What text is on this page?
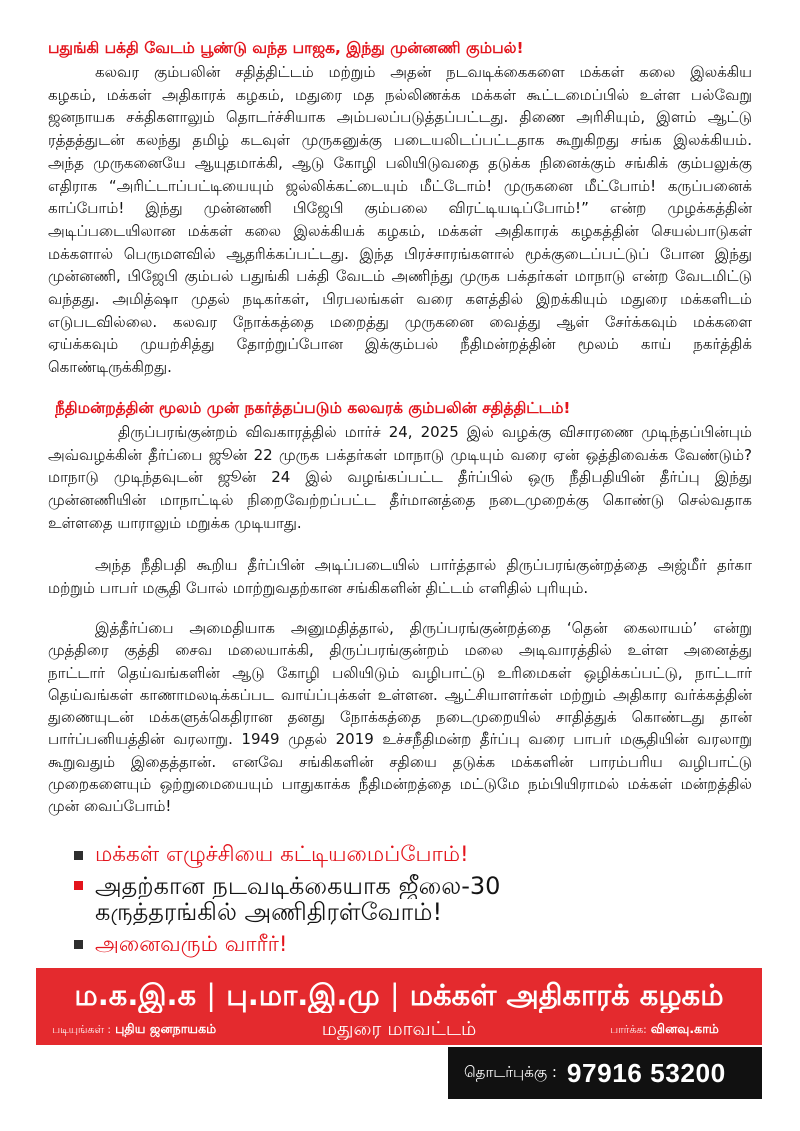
பதுங்கி பக்தி வேடம் பூண்டு வந்த பாஜக, இந்து முன்னணி கும்பல்!
கலவர கும்பலின் சதித்திட்டம் மற்றும் அதன் நடவடிக்கைகளை மக்கள் கலை இலக்கிய
கழகம், மக்கள் அதிகாரக் கழகம், மதுரை மத நல்லிணக்க மக்கள் கூட்டமைப்பில் உள்ள பல்வேறு
ஜனநாயக சக்திகளாலும் தொடர்ச்சியாக அம்பலப்படுத்தப்பட்டது. திணை அரிசியும், இளம் ஆட்டு
ரத்தத்துடன் கலந்து தமிழ் கடவுள் முருகனுக்கு படையலிடப்பட்டதாக கூறுகிறது சங்க இலக்கியம்.
அந்த முருகனையே ஆயுதமாக்கி, ஆடு கோழி பலியிடுவதை தடுக்க நினைக்கும் சங்கிக் கும்பலுக்கு
எதிராக “அரிட்டாப்பட்டியையும் ஜல்லிக்கட்டையும் மீட்டோம்! முருகனை மீட்போம்! கருப்பனைக்
காப்போம்! இந்து முன்னணி பிஜேபி கும்பலை விரட்டியடிப்போம்!” என்ற முழக்கத்தின்
அடிப்படையிலான மக்கள் கலை இலக்கியக் கழகம், மக்கள் அதிகாரக் கழகத்தின் செயல்பாடுகள்
மக்களால் பெருமளவில் ஆதரிக்கப்பட்டது. இந்த பிரச்சாரங்களால் மூக்குடைப்பட்டுப் போன இந்து
முன்னணி, பிஜேபி கும்பல் பதுங்கி பக்தி வேடம் அணிந்து முருக பக்தர்கள் மாநாடு என்ற வேடமிட்டு
வந்தது. அமித்ஷா முதல் நடிகர்கள், பிரபலங்கள் வரை களத்தில் இறக்கியும் மதுரை மக்களிடம்
எடுபடவில்லை. கலவர நோக்கத்தை மறைத்து முருகனை வைத்து ஆள் சேர்க்கவும் மக்களை
ஏய்க்கவும் முயற்சித்து தோற்றுப்போன இக்கும்பல் நீதிமன்றத்தின் மூலம் காய் நகர்த்திக்
கொண்டிருக்கிறது.
நீதிமன்றத்தின் மூலம் முன் நகர்த்தப்படும் கலவரக் கும்பலின் சதித்திட்டம்!
திருப்பரங்குன்றம் விவகாரத்தில் மார்ச் 24, 2025 இல் வழக்கு விசாரணை முடிந்தப்பின்பும்
அவ்வழக்கின் தீர்ப்பை ஜூன் 22 முருக பக்தர்கள் மாநாடு முடியும் வரை ஏன் ஒத்திவைக்க வேண்டும்?
மாநாடு முடிந்தவுடன் ஜூன் 24 இல் வழங்கப்பட்ட தீர்ப்பில் ஒரு நீதிபதியின் தீர்ப்பு இந்து
முன்னணியின் மாநாட்டில் நிறைவேற்றப்பட்ட தீர்மானத்தை நடைமுறைக்கு கொண்டு செல்வதாக
உள்ளதை யாராலும் மறுக்க முடியாது.
அந்த நீதிபதி கூறிய தீர்ப்பின் அடிப்படையில் பார்த்தால் திருப்பரங்குன்றத்தை அஜ்மீர் தர்கா
மற்றும் பாபர் மசூதி போல் மாற்றுவதற்கான சங்கிகளின் திட்டம் எளிதில் புரியும்.
இத்தீர்ப்பை அமைதியாக அனுமதித்தால், திருப்பரங்குன்றத்தை ‘தென் கைலாயம்’ என்று
முத்திரை குத்தி சைவ மலையாக்கி, திருப்பரங்குன்றம் மலை அடிவாரத்தில் உள்ள அனைத்து
நாட்டார் தெய்வங்களின் ஆடு கோழி பலியிடும் வழிபாட்டு உரிமைகள் ஒழிக்கப்பட்டு, நாட்டார்
தெய்வங்கள் காணாமலடிக்கப்பட வாய்ப்புக்கள் உள்ளன. ஆட்சியாளர்கள் மற்றும் அதிகார வர்க்கத்தின்
துணையுடன் மக்களுக்கெதிரான தனது நோக்கத்தை நடைமுறையில் சாதித்துக் கொண்டது தான்
பார்ப்பனியத்தின் வரலாறு. 1949 முதல் 2019 உச்சநீதிமன்ற தீர்ப்பு வரை பாபர் மசூதியின் வரலாறு
கூறுவதும் இதைத்தான். எனவே சங்கிகளின் சதியை தடுக்க மக்களின் பாரம்பரிய வழிபாட்டு
முறைகளையும் ஒற்றுமையையும் பாதுகாக்க நீதிமன்றத்தை மட்டுமே நம்பியிராமல் மக்கள் மன்றத்தில்
முன் வைப்போம்!
மக்கள் எழுச்சியை கட்டியமைப்போம்!
அதற்கான நடவடிக்கையாக ஜீலை-30
கருத்தரங்கில் அணிதிரள்வோம்!
அனைவரும் வாரீர்!
ம.க.இ.க | பு.மா.இ.மு | மக்கள் அதிகாரக் கழகம்
படியுங்கள் : புதிய ஜனநாயகம்	மதுரை மாவட்டம்	பார்க்க: வினவு.காம்
தொடர்புக்கு : 97916 53200
